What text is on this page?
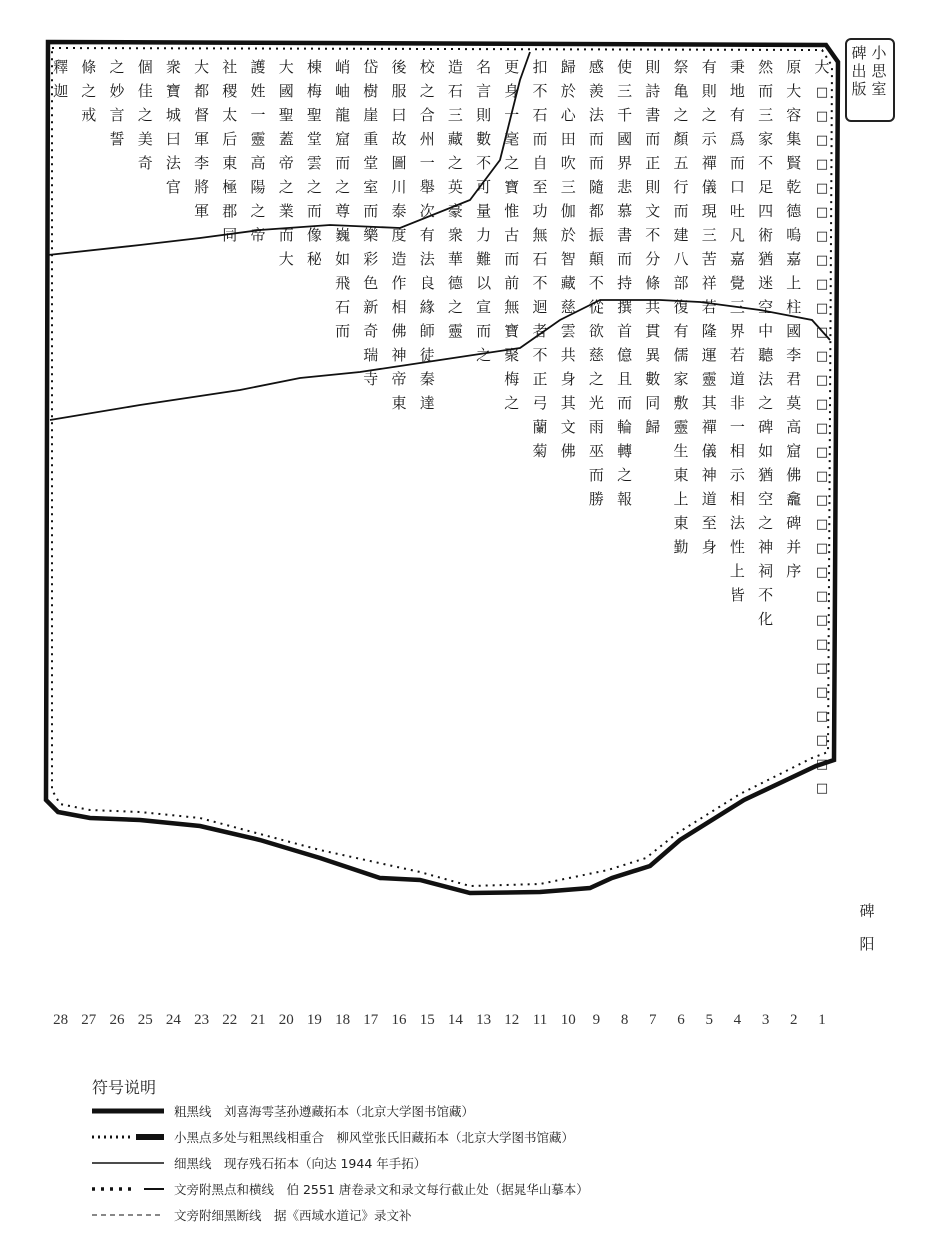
大
□
□
□
□
□
□
□
□
□
□
□
□
□
□
□
□
□
□
□
□
□
□
□
□
□
□
□
□
□
□
原
大
容
集
賢
乾
德
嗚
嘉
上
柱
國
李
君
莫
高
窟
佛
龕
碑
并
序
然
而
三
家
不
足
四
術
猶
迷
空
中
聽
法
之
碑
如
猶
空
之
神
祠
不
化
秉
地
有
爲
而
口
吐
凡
嘉
覺
三
界
若
道
非
一
相
示
相
法
性
上
皆
有
則
之
示
禪
儀
現
三
苦
祥
若
隆
運
靈
其
禪
儀
神
道
至
身
祭
亀
之
顏
五
行
而
建
八
部
復
有
儒
家
敷
靈
生
東
上
東
勤
則
詩
書
而
正
則
文
不
分
條
共
貫
異
數
同
歸
使
三
千
國
界
悲
慕
書
而
持
撰
首
億
且
而
輪
轉
之
報
感
羨
法
而
而
隨
都
振
顛
不
從
欲
慈
之
光
雨
巫
而
勝
歸
於
心
田
吹
三
伽
於
智
藏
慈
雲
共
身
其
文
佛
扣
不
石
而
自
至
功
無
石
不
迴
者
不
正
弓
蘭
菊
更
身
一
毫
之
寶
惟
古
而
前
無
寶
聚
梅
之
名
言
則
數
不
可
量
力
難
以
宣
而
之
造
石
三
藏
之
英
豪
衆
華
德
之
靈
校
之
合
州
一
舉
次
有
法
良
緣
師
徒
秦
達
後
服
曰
故
圖
川
泰
度
造
作
相
佛
神
帝
東
岱
樹
崖
重
堂
室
而
樂
彩
色
新
奇
瑞
寺
峭
岫
龍
窟
而
之
尊
巍
如
飛
石
而
棟
梅
聖
堂
雲
之
而
像
秘
大
國
聖
蓋
帝
之
業
而
大
護
姓
一
靈
高
陽
之
帝
社
稷
太
后
東
極
郡
同
大
都
督
軍
李
將
軍
衆
寶
城
曰
法
官
個
佳
之
美
奇
之
妙
言
誓
條
之
戒
釋
迦
小
思
室
碑
出
版
碑
阳
1
2
3
4
5
6
7
8
9
10
11
12
13
14
15
16
17
18
19
20
21
22
23
24
25
26
27
28
符号说明
粗黑线　刘喜海雩茎孙遵藏拓本（北京大学图书馆藏）
小黑点多处与粗黑线相重合　柳风堂张氏旧藏拓本（北京大学图书馆藏）
细黑线　现存残石拓本（向达 1944 年手拓）
文旁附黑点和横线　伯 2551 唐卷录文和录文每行截止处（据晁华山摹本）
文旁附细黑断线　据《西域水道记》录文补
